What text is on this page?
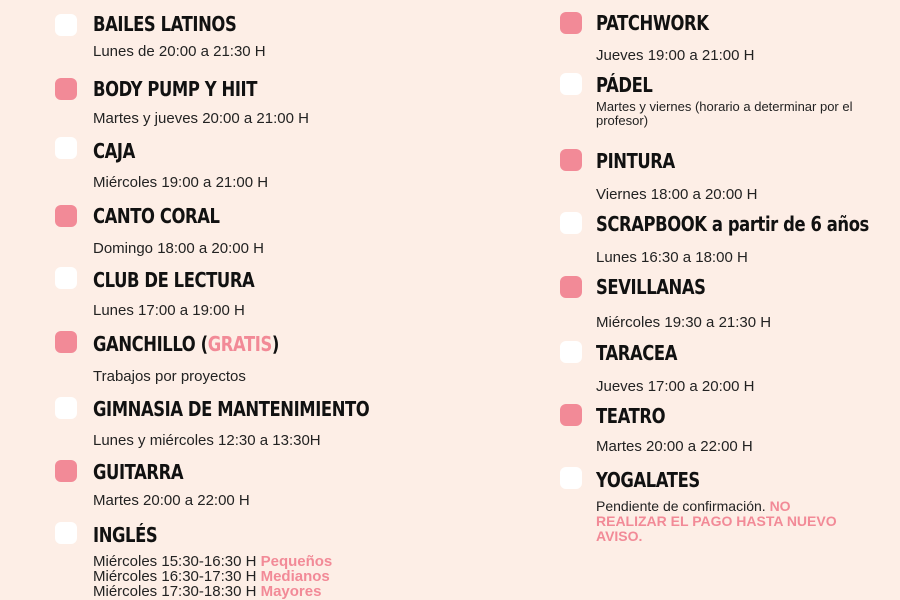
BAILES LATINOS
Lunes de 20:00 a 21:30 H
BODY PUMP Y HIIT
Martes y jueves 20:00 a 21:00 H
CAJA
Miércoles 19:00 a 21:00 H
CANTO CORAL
Domingo 18:00 a 20:00 H
CLUB DE LECTURA
Lunes 17:00 a 19:00 H
GANCHILLO (GRATIS)
Trabajos por proyectos
GIMNASIA DE MANTENIMIENTO
Lunes y miércoles 12:30 a 13:30H
GUITARRA
Martes 20:00 a 22:00 H
INGLÉS
Miércoles 15:30-16:30 H Pequeños
Miércoles 16:30-17:30 H Medianos
Miércoles 17:30-18:30 H Mayores
PATCHWORK
Jueves 19:00 a 21:00 H
PÁDEL
Martes y viernes (horario a determinar por el profesor)
PINTURA
Viernes 18:00 a 20:00 H
SCRAPBOOK a partir de 6 años
Lunes 16:30 a 18:00 H
SEVILLANAS
Miércoles 19:30 a 21:30 H
TARACEA
Jueves 17:00 a 20:00 H
TEATRO
Martes 20:00 a 22:00 H
YOGALATES
Pendiente de confirmación. NO REALIZAR EL PAGO HASTA NUEVO AVISO.
